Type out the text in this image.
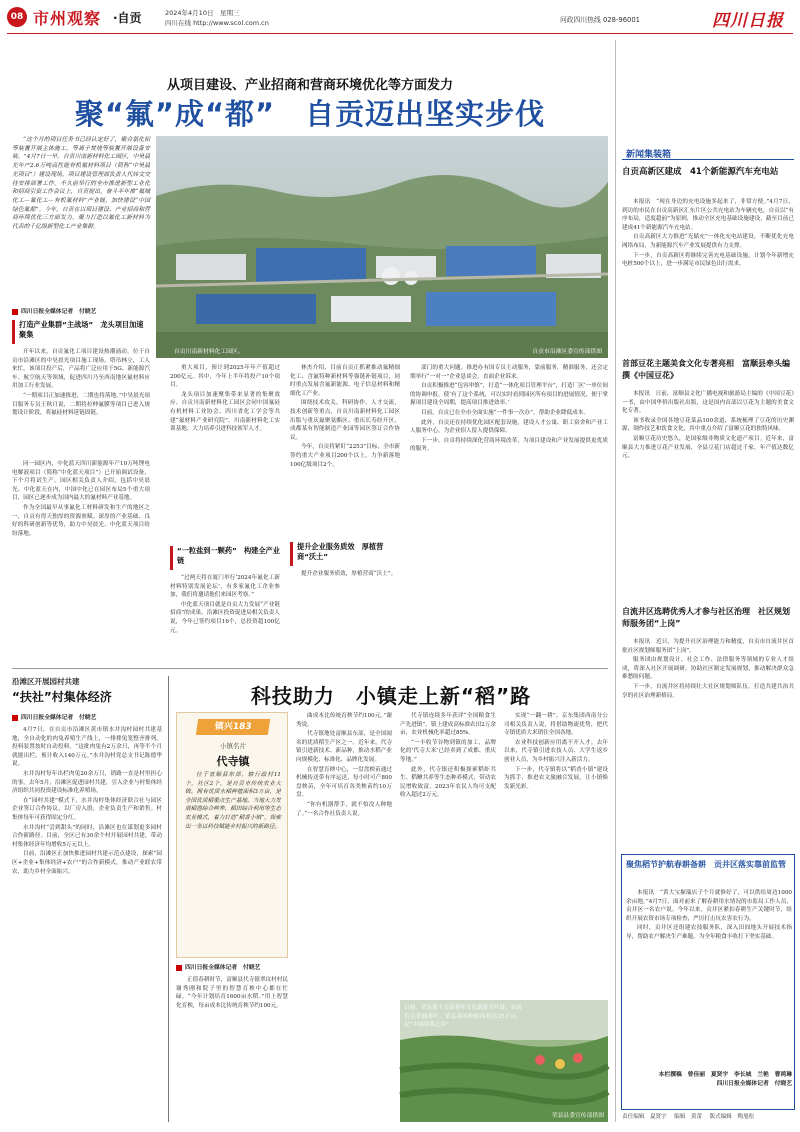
08 市州观察 ·自贡	2024年4月10日　星期三
四川在线 http://www.scol.com.cn	问政四川热线 028-96001	四川日报
从项目建设、产业招商和营商环境优化等方面发力
聚“氟”成“都”　自贡迈出坚实步伐

“这个月的项目任务书已经认定好了，聚合氯化铝等装置开展主体施工，等离子焚烧等装置开展设备安装。”4月7日一早，自贡川南新材料化工园区，中昊晨光年产2.6万吨高性能有机氟材料项目（简称“中昊晨光项目”）建设现场，项目建设管理部负责人代炜文交待安排部署工作。不久前举行的全市推进新型工业化和招商引资工作会议上，自贡提出，奋斗半年推“氟城化工—氟化工—有机氟材料”产业链，加快建设“中国绿色氟都”。今年，自贡在以项目建设、产业招商和营商环境优化三方面发力，聚力打造以氟化工新材料为代表的千亿级新型化工产业集群。

四川日报全媒体记者　付晓艺
自贡川南新材料化工园区。	自贡市沿滩区委宣传部供图
打造产业集群“主战场”　龙头项目加速聚集

开年以来，自贡氟化工项目建设热潮涌动。位于自贡市沿滩区的中昊晨光项目施工现场，塔吊林立，工人来忙。该项目投产后，产品将广泛应用于5G、新能源汽车、航空航天等领域，促进四川乃至西南地区氟材料应用加工行业发展。

“一期项目正加速推进，二期也将落地。”中昊晨光项目服务专员王秋月说，二期将拉伸氟膜等项目已进入规划设计阶段，将氟硅材料延链固链。

同一园区内，中化蓝天四川新能源年产10万吨锂电电解液项目（简称“中化蓝天项目”）已开始调试设备，下个月将试生产。园区相关负责人介绍，包括中昊晨光、中化蓝天在内，中国中化已在园区布局5个重大项目，园区已逐步成为国内最大的氟材料产业基地。

作为全国最早从事氟化工材料研发和生产的地区之一，自贡有得天独厚的资源禀赋。深厚的产业基础、良好的科研创新等优势，助力中昊晨光、中化蓝天项目纷纷落地。

重大项目，预计到2025年年产值超过200亿元。其中，今年上半年将投产10个项目。

龙头项目加速聚集带来显著的集聚效应。自贡川南新材料化工园区会同中国氟硅有机材料工业协会、四川省化工学会等共建“氟材料产业研究院”，川南新材料化工实训基地、大力培养引进科技领军人才。

“一粒盐到一颗药”　构建全产业链

“过两天将在厦门举行‘2024年氟化工新材料特别发展论坛’，有多家氟化工企业参加，我们将邀请他们来园区考察。”

中化蓝天项目就是自贡大力发展“产业链招商”的成果，沿滩区投资促进局相关负责人说，今年已签约项目16个，总投资超100亿元。

林杰介绍，目前自贡正抓紧推动氟精细化工、含氟特种新材料等强链补链项目，同时重点发展含氟新能源、电子信息材料和精细化工产业。

围绕技术攻关，科研协作、人才交流，技术创新等重点，自贡川南新材料化工园区出版与重庆氟聚氨酯区、重庆长寿经开区，成都某有智能制造产业园等园区签订合作协议。

今年，自贡将紧盯“2253”目标，全市新签约重大产业项目200个以上，力争新落地100亿级项目2个。

提升企业服务质效　厚植营商“沃土”

提升企业服务质效，厚植营商“沃土”。

部门的重大问题。推进办有国专员主动服务，靠前服务，精准服务，还会定期举行“一对一”企业恳谈会，直面企业诉求。

自贡积极推进“包容审慎”，打造“一体化项目管理平台”，打造厂区‘一单位间的协调申报，使‘有了这个系统，可以实时看到园区所有项目的进展情况，便于掌握项目建设全周期，提高项目推进效率。’

目前，自贡已在全市全面实施“一件事一次办”，帮助企业降低成本。

此外，自贡还在持续优化园区配套设施，建设人才公寓、职工宿舍和产业工人服务中心，为企业招人留人提供保障。

下一步，自贡将持续深化营商环境改革，为项目建设和产业发展提供更优质的服务。

沿滩区开展园村共建
“扶社”村集体经济
四川日报全媒体记者　付晓艺

4月7日，在自贡市沿滩区黄市镇水井沟村园村共建基地，全自动化的肉兔养殖生产线上，一排排兔笼整齐排列。投料装置按时自动投料。“这批肉兔有2万余只，再等半个月就能出栏，预计收入140万元。”水井沟村党总支书记陈德华说。

水井沟村每年出栏肉兔20余万只，销路一直是村里担心的事。去年5月，沿滩区促进园村共建，引入企业与村集体经济组织共同投资建设标准化养殖场。

在“园村共建”模式下，水井沟村集体经济联合社与园区企业签订合作协议，以厂房入股，企业负责生产和销售。村集体每年可获得固定分红。

水井沟村“尝到甜头”的同时，沿滩区也在谋划更多园村合作新路径。目前，全区已有30余个村开展园村共建，带动村集体经济年均增收5万元以上。

目前，沿滩区正加快推进园村共建示范点建设，探索“园区+企业+集体经济+农户”的合作新模式，推动产业联农带农，助力乡村全面振兴。

科技助力　小镇走上新“稻”路
镇兴183
小镇名片
代寺镇

位于富顺县东部，辖行政村11个，社区2个，是自贡市传统农业大镇。拥有优质水稻种植面积3万亩，是全国优质稻重点生产基地。当地大力发展稻渔综合种养、稻田综合利用等生态农业模式，着力打造“稻香小镇”，探索出一条以科技赋能乡村振兴的新路径。

四川日报全媒体记者　付晓艺

正值春耕时节，富顺县代寺镇翠玟村村民谢秀刚和院子里的智慧育秧中心都在忙碌。“今年计划培育1600亩水稻。”用上智慧化育秧，每亩成本比传统育秧节约100元。

曲成本比传统育秧节约100元。”谢秀说。

代寺镇地处富顺县东部，是全国闻名的优质稻生产区之一。近年来，代寺镇引进新技术、新品种，推动水稻产业向规模化、标准化、品牌化发展。

在智慧育秧中心，一盘盘秧苗通过机械传送带有序运送，每小时可产800盘秧苗，全年可培育各类秧苗约10万盘。

“你有机器帮手，就不怕没人种地了。”一名合作社负责人说。

代寺镇连续多年获评“全国粮食生产先进镇”。镇上建成高标准农田2万余亩，农业机械化率超过85%。

“一丰收节谷物到镇的加工，品牌化的‘代寺大米’已经卖到了成都、重庆等地。”

此外，代寺镇还积极探索稻虾共生、稻鳅共养等生态种养模式，带动农民增收致富，2023年农民人均可支配收入超过2万元。

实现“一翻一耕”，京东集团西南分公司相关负责人说，将借助物流优势，把代寺镇优质大米销往全国各地。

农业科技创新应用离不开人才。去年以来，代寺镇引进农技人员、大学生返乡创业人员，为乡村振兴注入新活力。

下一步，代寺镇将以“稻香小镇”建设为抓手，推进农文旅融合发展，让小镇焕发新光彩。

日前，荣县第十五届茶叶文化旅游节开幕，农民们在采摘茶叶。荣县茶叶种植面积达15万亩，是“中国绿茶之乡”。

荣县县委宣传部供图
新闻集装箱
自贡高新区建成　41个新能源汽车充电站

本报讯　“现在身边的充电设施多起来了，非常方便。”4月7日，到访的市民在自贡高新区汇东片区公共充电站为车辆充电，自贡以“有序布局，适度超前”为原则，推动全区充电基础设施建设，截至目前已建成41个新能源汽车充电站。

自贡高新区大力推进“光储充”一体化充电站建设，不断优化充电网络布局，为新能源汽车产业发展提供有力支撑。

下一步，自贡高新区将继续完善充电基础设施，计划今年新增充电桩500个以上，进一步满足市民绿色出行需求。

首部豆花主题美食文化专著亮相　富顺县牵头编撰《中国豆花》

本报讯　日前，富顺县文化广播电视和旅游局主编的《中国豆花》一书，由中国华侨出版社出版，这是国内首部以豆花为主题的美食文化专著。

该书收录全国各地豆花菜品100余道，系统梳理了豆花的历史渊源、制作技艺和饮食文化，其中重点介绍了富顺豆花的独特风味。

富顺豆花历史悠久，是国家级非物质文化遗产项目。近年来，富顺县大力推进豆花产业发展，全县豆花门店超过千家，年产值达数亿元。

自流井区选聘优秀人才参与社区治理　社区规划师服务团“上岗”

本报讯　近日，为提升社区治理能力和精度，自贡市自流井区首批社区规划师服务团“上岗”。

服务团由规划设计、社会工作、法律服务等领域的专业人才组成，将深入社区开展调研，协助社区制定发展规划，推动解决群众急难愁盼问题。

下一步，自流井区将持续壮大社区规划师队伍，打造共建共治共享的社区治理新格局。

聚焦稻节护航春耕备耕　贡井区落实靠前监管

本报讯　“黄大宝握瑞店子个月就修好了，可以供给周边1000余亩地。”4月7日，面对前来了解春耕用水情况的市监局工作人员，贡井区一名农户说。今年以来，贡井区紧扣春耕生产关键时节，组织开展农资市场专项检查，严厉打击坑农害农行为。

同时，贡井区还组建农技服务队，深入田间地头开展技术指导，帮助农户解决生产难题，为全年粮食丰收打下坚实基础。

本栏撰稿　曾佳丽　夏贤宇　李长城　兰艳　曹鸿琳　四川日报全媒体记者　付晓艺
责任编辑　夏贤宇　 编辑　黄蕾　 版式编辑　陶旭松
